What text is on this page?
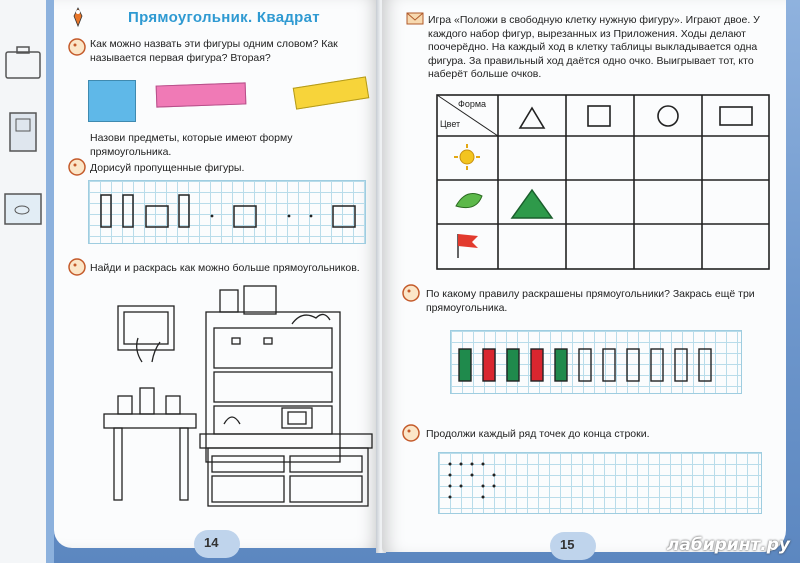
Прямоугольник. Квадрат
Как можно назвать эти фигуры одним словом? Как называется первая фигура? Вторая?
Назови предметы, которые имеют форму прямоугольника.
Дорисуй пропущенные фигуры.
Найди и раскрась как можно больше прямоугольников.
14
Игра «Положи в свободную клетку нужную фигуру». Играют двое. У каждого набор фигур, вырезанных из Приложения. Ходы делают поочерёдно. На каждый ход в клетку таблицы выкладывается одна фигура. За правильный ход даётся одно очко. Выигрывает тот, кто наберёт больше очков.
Форма
Цвет
По какому правилу раскрашены прямоугольники? Закрась ещё три прямоугольника.
Продолжи каждый ряд точек до конца строки.
15	лабиринт.ру
